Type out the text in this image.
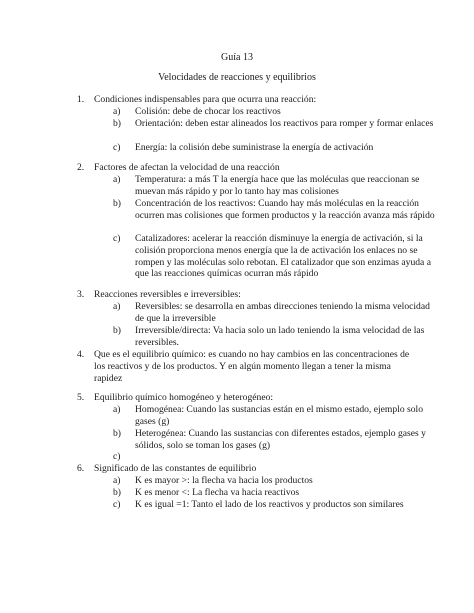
Guía 13
Velocidades de reacciones y equilibrios
1. Condiciones indispensables para que ocurra una reacción:
a) Colisión: debe de chocar los reactivos
b) Orientación: deben estar alineados los reactivos para romper y formar enlaces
c) Energía: la colisión debe suministrase la energía de activación
2. Factores de afectan la velocidad de una reacción
a) Temperatura: a más T la energía hace que las moléculas que reaccionan se muevan más rápido y por lo tanto hay mas colisiones
b) Concentración de los reactivos: Cuando hay más moléculas en la reacción ocurren mas colisiones que formen productos y la reacción avanza más rápido
c) Catalizadores: acelerar la reacción disminuye la energía de activación, si la colisión proporciona menos energía que la de activación los enlaces no se rompen y las moléculas solo rebotan. El catalizador que son enzimas ayuda a que las reacciones químicas ocurran más rápido
3. Reacciones reversibles e irreversibles:
a) Reversibles: se desarrolla en ambas direcciones teniendo la misma velocidad de que la irreversible
b) Irreversible/directa: Va hacia solo un lado teniendo la isma velocidad de las reversibles.
4. Que es el equilibrio químico: es cuando no hay cambios en las concentraciones de los reactivos y de los productos. Y en algún momento llegan a tener la misma rapidez
5. Equilibrio químico homogéneo y heterogéneo:
a) Homogénea: Cuando las sustancias están en el mismo estado, ejemplo solo gases (g)
b) Heterogénea: Cuando las sustancias con diferentes estados, ejemplo gases y sólidos, solo se toman los gases (g)
c)
6. Significado de las constantes de equilibrio
a) K es mayor >: la flecha va hacia los productos
b) K es menor <: La flecha va hacia reactivos
c) K es igual =1: Tanto el lado de los reactivos y productos son similares
